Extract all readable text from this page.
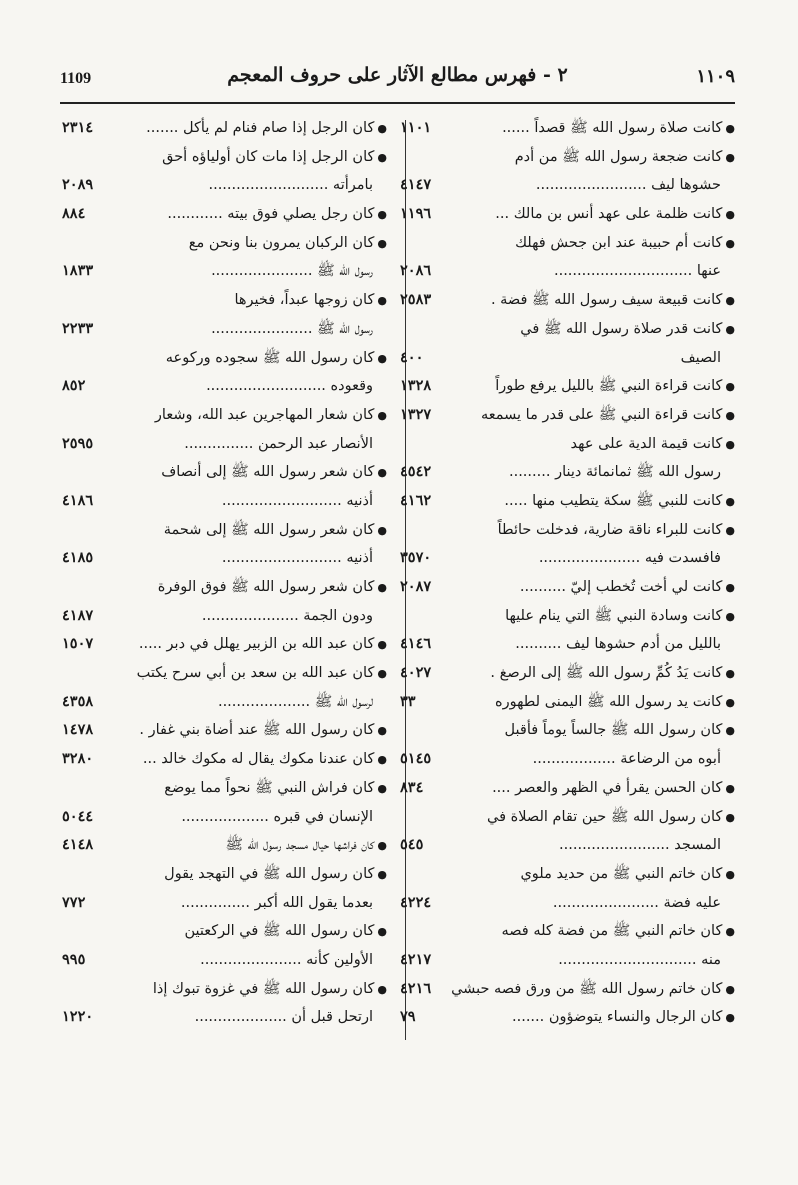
١١٠٩
٢ - فهرس مطالع الآثار على حروف المعجم
1109
●كانت صلاة رسول الله ﷺ قصداً ......
١١٠١
●كانت ضجعة رسول الله ﷺ من أدم
حشوها ليف ........................
٤١٤٧
●كانت ظلمة على عهد أنس بن مالك ...
١١٩٦
●كانت أم حبيبة عند ابن جحش فهلك
عنها ..............................
٢٠٨٦
●كانت قبيعة سيف رسول الله ﷺ فضة .
٢٥٨٣
●كانت قدر صلاة رسول الله ﷺ في
الصيف
٤٠٠
●كانت قراءة النبي ﷺ بالليل يرفع طوراً
١٣٢٨
●كانت قراءة النبي ﷺ على قدر ما يسمعه
١٣٢٧
●كانت قيمة الدية على عهد
رسول الله ﷺ ثمانمائة دينار .........
٤٥٤٢
●كانت للنبي ﷺ سكة يتطيب منها .....
٤١٦٢
●كانت للبراء ناقة ضارية، فدخلت حائطاً
فافسدت فيه ......................
٣٥٧٠
●كانت لي أخت تُخطب إليّ ..........
٢٠٨٧
●كانت وسادة النبي ﷺ التي ينام عليها
بالليل من أدم حشوها ليف ..........
٤١٤٦
●كانت يَدُ كُمِّ رسول الله ﷺ إلى الرصغ .
٤٠٢٧
●كانت يد رسول الله ﷺ اليمنى لطهوره
٣٣
●كان رسول الله ﷺ جالساً يوماً فأقبل
أبوه من الرضاعة ..................
٥١٤٥
●كان الحسن يقرأ في الظهر والعصر ....
٨٣٤
●كان رسول الله ﷺ حين تقام الصلاة في
المسجد ........................
٥٤٥
●كان خاتم النبي ﷺ من حديد ملوي
عليه فضة .......................
٤٢٢٤
●كان خاتم النبي ﷺ من فضة كله فصه
منه ..............................
٤٢١٧
●كان خاتم رسول الله ﷺ من ورق فصه حبشي
٤٢١٦
●كان الرجال والنساء يتوضؤون .......
٧٩
●كان الرجل إذا صام فنام لم يأكل .......
٢٣١٤
●كان الرجل إذا مات كان أولياؤه أحق
بامرأته ..........................
٢٠٨٩
●كان رجل يصلي فوق بيته ............
٨٨٤
●كان الركبان يمرون بنا ونحن مع
رسول الله ﷺ ......................
١٨٣٣
●كان زوجها عبداً، فخيرها
رسول الله ﷺ ......................
٢٢٣٣
●كان رسول الله ﷺ سجوده وركوعه
وقعوده ..........................
٨٥٢
●كان شعار المهاجرين عبد الله، وشعار
الأنصار عبد الرحمن ...............
٢٥٩٥
●كان شعر رسول الله ﷺ إلى أنصاف
أذنيه ..........................
٤١٨٦
●كان شعر رسول الله ﷺ إلى شحمة
أذنيه ..........................
٤١٨٥
●كان شعر رسول الله ﷺ فوق الوفرة
ودون الجمة .....................
٤١٨٧
●كان عبد الله بن الزبير يهلل في دبر .....
١٥٠٧
●كان عبد الله بن سعد بن أبي سرح يكتب
لرسول الله ﷺ ....................
٤٣٥٨
●كان رسول الله ﷺ عند أضاة بني غفار .
١٤٧٨
●كان عندنا مكوك يقال له مكوك خالد ...
٣٢٨٠
●كان فراش النبي ﷺ نحواً مما يوضع
الإنسان في قبره ...................
٥٠٤٤
●كان فراشها حيال مسجد رسول الله ﷺ
٤١٤٨
●كان رسول الله ﷺ في التهجد يقول
بعدما يقول الله أكبر ...............
٧٧٢
●كان رسول الله ﷺ في الركعتين
الأولين كأنه ......................
٩٩٥
●كان رسول الله ﷺ في غزوة تبوك إذا
ارتحل قبل أن ....................
١٢٢٠
